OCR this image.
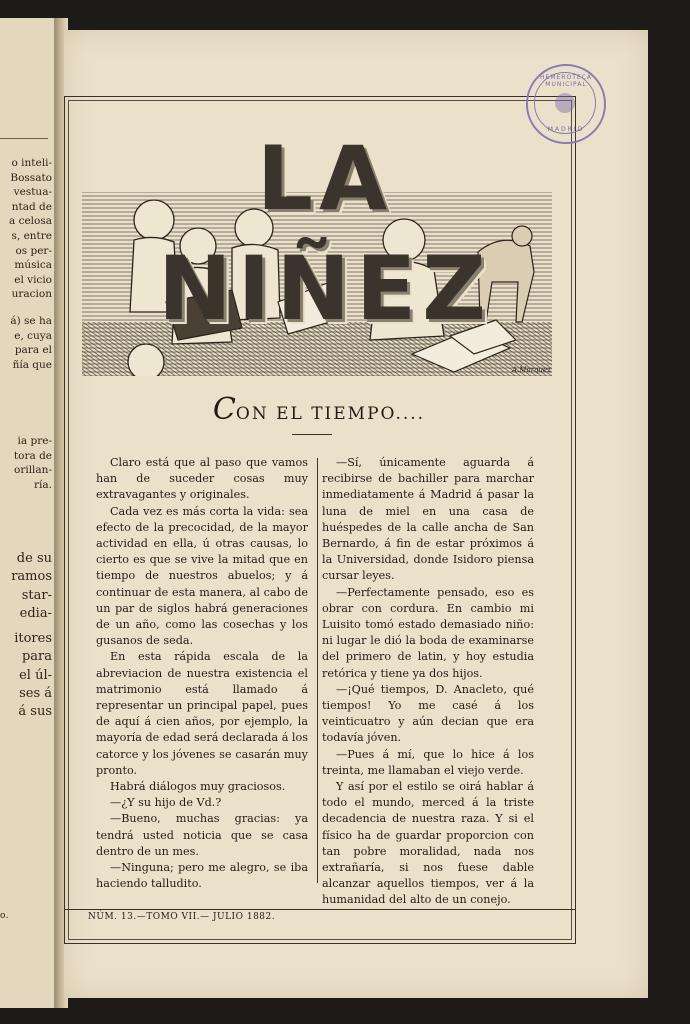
o inteli-
Bossato
vestua-
ntad de
a celosa
s, entre
os per-
música
el vicio
uracion
á) se ha
e, cuya
para el
ñía que
ia pre-
tora de
orillan-
ría.
de su
ramos
star-
edia-
itores
para
el úl-
ses á
á sus
o.
A.Marquez
LA NIÑEZ
HEMEROTECA MUNICIPAL
MADRID
CON EL TIEMPO....

Claro está que al paso que vamos han de suceder cosas muy extravagantes y originales.

Cada vez es más corta la vida: sea efecto de la precocidad, de la mayor actividad en ella, ú otras causas, lo cierto es que se vive la mitad que en tiempo de nuestros abuelos; y á continuar de esta manera, al cabo de un par de siglos habrá generaciones de un año, como las cosechas y los gusanos de seda.

En esta rápida escala de la abreviacion de nuestra existencia el matrimonio está llamado á representar un principal papel, pues de aquí á cien años, por ejemplo, la mayoría de edad será declarada á los catorce y los jóvenes se casarán muy pronto.

Habrá diálogos muy graciosos.

—¿Y su hijo de Vd.?

—Bueno, muchas gracias: ya tendrá usted noticia que se casa dentro de un mes.

—Ninguna; pero me alegro, se iba haciendo talludito.

—Sí, únicamente aguarda á recibirse de bachiller para marchar inmediatamente á Madrid á pasar la luna de miel en una casa de huéspedes de la calle ancha de San Bernardo, á fin de estar próximos á la Universidad, donde Isidoro piensa cursar leyes.

—Perfectamente pensado, eso es obrar con cordura. En cambio mi Luisito tomó estado demasiado niño: ni lugar le dió la boda de examinarse del primero de latin, y hoy estudia retórica y tiene ya dos hijos.

—¡Qué tiempos, D. Anacleto, qué tiempos! Yo me casé á los veinticuatro y aún decian que era todavía jóven.

—Pues á mí, que lo hice á los treinta, me llamaban el viejo verde.

Y así por el estilo se oirá hablar á todo el mundo, merced á la triste decadencia de nuestra raza. Y si el físico ha de guardar proporcion con tan pobre moralidad, nada nos extrañaría, si nos fuese dable alcanzar aquellos tiempos, ver á la humanidad del alto de un conejo.

NÚM. 13.—TOMO VII.— JULIO 1882.
